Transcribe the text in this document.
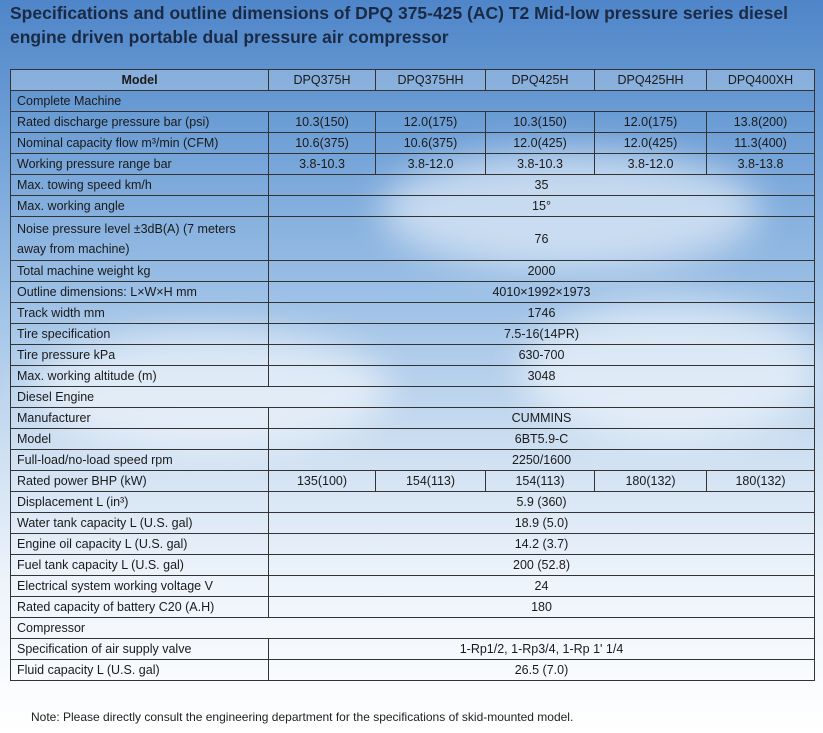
Specifications and outline dimensions of DPQ 375-425 (AC) T2 Mid-low pressure series diesel engine driven portable dual pressure air compressor
Model	DPQ375H	DPQ375HH	DPQ425H	DPQ425HH	DPQ400XH
Complete Machine					
Rated discharge pressure bar (psi)	10.3(150)	12.0(175)	10.3(150)	12.0(175)	13.8(200)
Nominal capacity flow m³/min (CFM)	10.6(375)	10.6(375)	12.0(425)	12.0(425)	11.3(400)
Working pressure range bar	3.8-10.3	3.8-12.0	3.8-10.3	3.8-12.0	3.8-13.8
Max. towing speed km/h	35				
Max. working angle	15°				
Noise pressure level ±3dB(A) (7 meters away from machine)	76				
Total machine weight kg	2000				
Outline dimensions: L×W×H mm	4010×1992×1973				
Track width mm	1746				
Tire specification	7.5-16(14PR)				
Tire pressure kPa	630-700				
Max. working altitude (m)	3048				
Diesel Engine					
Manufacturer	CUMMINS				
Model	6BT5.9-C				
Full-load/no-load speed rpm	2250/1600				
Rated power BHP (kW)	135(100)	154(113)	154(113)	180(132)	180(132)
Displacement L (in³)	5.9 (360)				
Water tank capacity L (U.S. gal)	18.9 (5.0)				
Engine oil capacity L (U.S. gal)	14.2 (3.7)				
Fuel tank capacity L (U.S. gal)	200 (52.8)				
Electrical system working voltage V	24				
Rated capacity of battery C20 (A.H)	180				
Compressor					
Specification of air supply valve	1-Rp1/2, 1-Rp3/4, 1-Rp 1' 1/4				
Fluid capacity L (U.S. gal)	26.5 (7.0)				
Note: Please directly consult the engineering department for the specifications of skid-mounted model.
